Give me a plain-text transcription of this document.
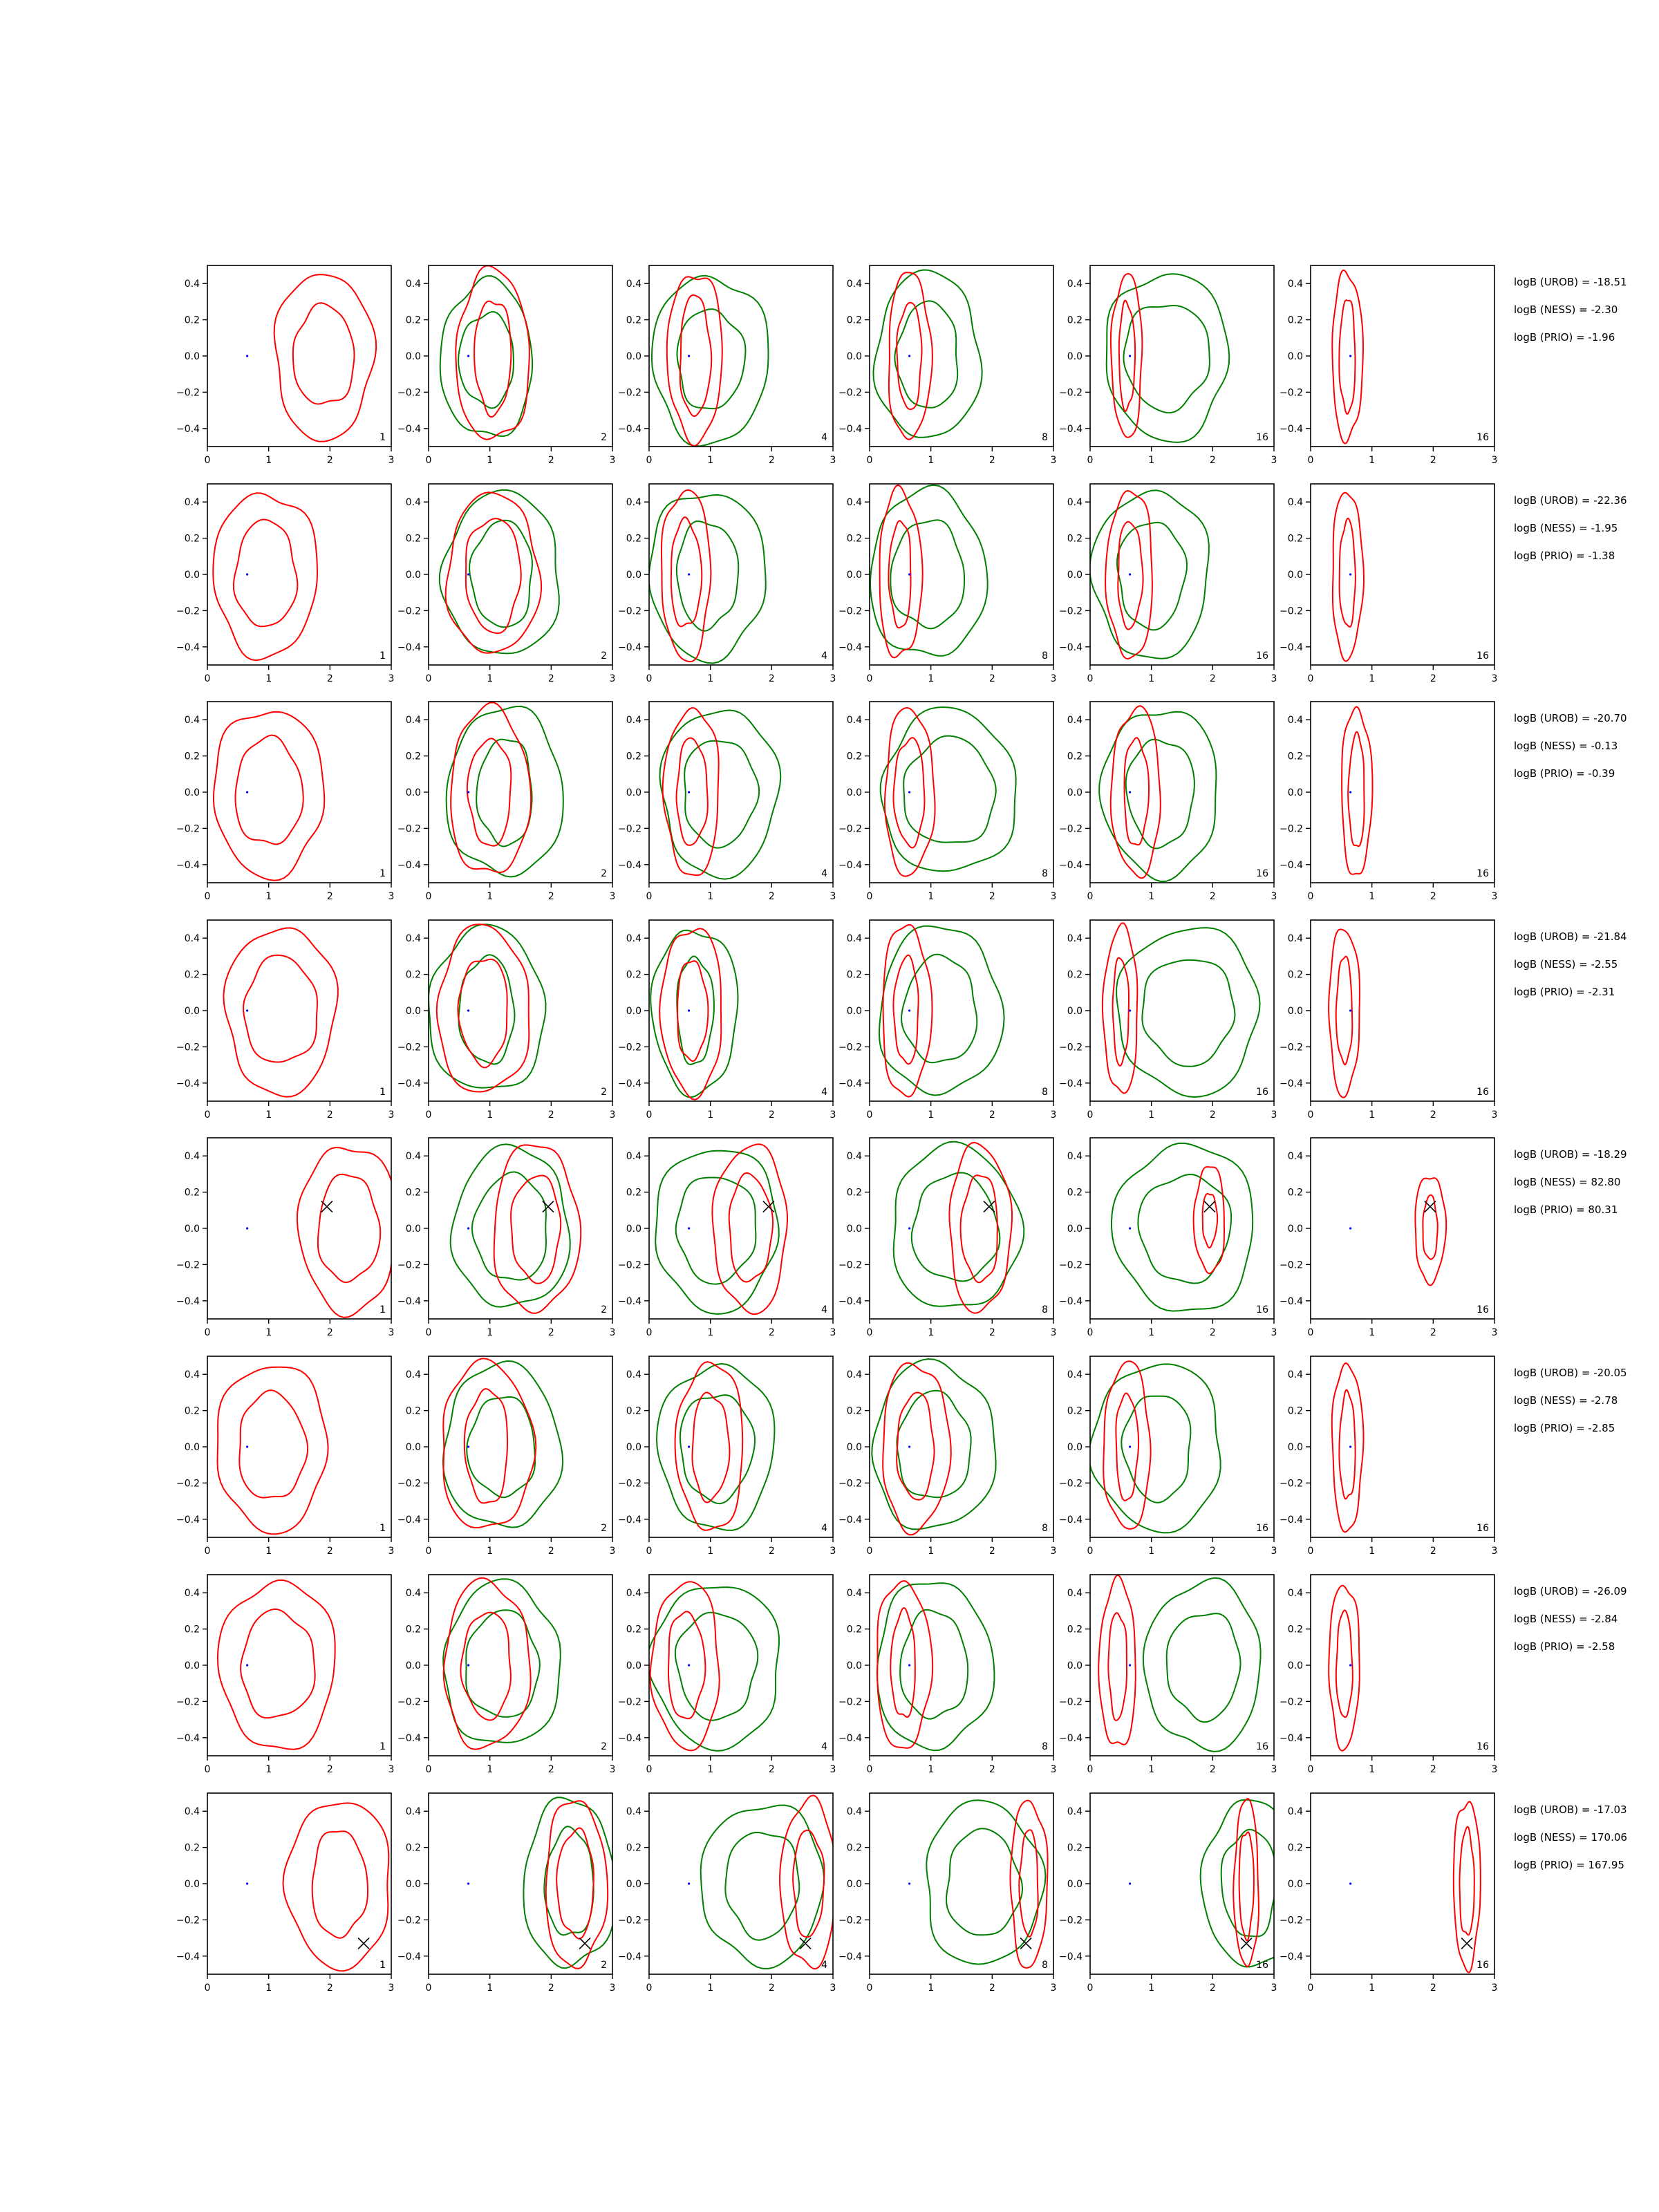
0	1	2	3
0.4
0.2
0.0
−0.2
−0.4
1
0	1	2	3
0.4
0.2
0.0
−0.2
−0.4
2
0	1	2	3
0.4
0.2
0.0
−0.2
−0.4
4
0	1	2	3
0.4
0.2
0.0
−0.2
−0.4
8
0	1	2	3
0.4
0.2
0.0
−0.2
−0.4
16
0	1	2	3
0.4
0.2
0.0
−0.2
−0.4
16
logB (UROB) = -18.51
logB (NESS) = -2.30
logB (PRIO) = -1.96
0	1	2	3
0.4
0.2
0.0
−0.2
−0.4
1
0	1	2	3
0.4
0.2
0.0
−0.2
−0.4
2
0	1	2	3
0.4
0.2
0.0
−0.2
−0.4
4
0	1	2	3
0.4
0.2
0.0
−0.2
−0.4
8
0	1	2	3
0.4
0.2
0.0
−0.2
−0.4
16
0	1	2	3
0.4
0.2
0.0
−0.2
−0.4
16
logB (UROB) = -22.36
logB (NESS) = -1.95
logB (PRIO) = -1.38
0	1	2	3
0.4
0.2
0.0
−0.2
−0.4
1
0	1	2	3
0.4
0.2
0.0
−0.2
−0.4
2
0	1	2	3
0.4
0.2
0.0
−0.2
−0.4
4
0	1	2	3
0.4
0.2
0.0
−0.2
−0.4
8
0	1	2	3
0.4
0.2
0.0
−0.2
−0.4
16
0	1	2	3
0.4
0.2
0.0
−0.2
−0.4
16
logB (UROB) = -20.70
logB (NESS) = -0.13
logB (PRIO) = -0.39
0	1	2	3
0.4
0.2
0.0
−0.2
−0.4
1
0	1	2	3
0.4
0.2
0.0
−0.2
−0.4
2
0	1	2	3
0.4
0.2
0.0
−0.2
−0.4
4
0	1	2	3
0.4
0.2
0.0
−0.2
−0.4
8
0	1	2	3
0.4
0.2
0.0
−0.2
−0.4
16
0	1	2	3
0.4
0.2
0.0
−0.2
−0.4
16
logB (UROB) = -21.84
logB (NESS) = -2.55
logB (PRIO) = -2.31
0	1	2	3
0.4
0.2
0.0
−0.2
−0.4
1
0	1	2	3
0.4
0.2
0.0
−0.2
−0.4
2
0	1	2	3
0.4
0.2
0.0
−0.2
−0.4
4
0	1	2	3
0.4
0.2
0.0
−0.2
−0.4
8
0	1	2	3
0.4
0.2
0.0
−0.2
−0.4
16
0	1	2	3
0.4
0.2
0.0
−0.2
−0.4
16
logB (UROB) = -18.29
logB (NESS) = 82.80
logB (PRIO) = 80.31
0	1	2	3
0.4
0.2
0.0
−0.2
−0.4
1
0	1	2	3
0.4
0.2
0.0
−0.2
−0.4
2
0	1	2	3
0.4
0.2
0.0
−0.2
−0.4
4
0	1	2	3
0.4
0.2
0.0
−0.2
−0.4
8
0	1	2	3
0.4
0.2
0.0
−0.2
−0.4
16
0	1	2	3
0.4
0.2
0.0
−0.2
−0.4
16
logB (UROB) = -20.05
logB (NESS) = -2.78
logB (PRIO) = -2.85
0	1	2	3
0.4
0.2
0.0
−0.2
−0.4
1
0	1	2	3
0.4
0.2
0.0
−0.2
−0.4
2
0	1	2	3
0.4
0.2
0.0
−0.2
−0.4
4
0	1	2	3
0.4
0.2
0.0
−0.2
−0.4
8
0	1	2	3
0.4
0.2
0.0
−0.2
−0.4
16
0	1	2	3
0.4
0.2
0.0
−0.2
−0.4
16
logB (UROB) = -26.09
logB (NESS) = -2.84
logB (PRIO) = -2.58
0	1	2	3
0.4
0.2
0.0
−0.2
−0.4
1
0	1	2	3
0.4
0.2
0.0
−0.2
−0.4
2
0	1	2	3
0.4
0.2
0.0
−0.2
−0.4
4
0	1	2	3
0.4
0.2
0.0
−0.2
−0.4
8
0	1	2	3
0.4
0.2
0.0
−0.2
−0.4
16
0	1	2	3
0.4
0.2
0.0
−0.2
−0.4
16
logB (UROB) = -17.03
logB (NESS) = 170.06
logB (PRIO) = 167.95
